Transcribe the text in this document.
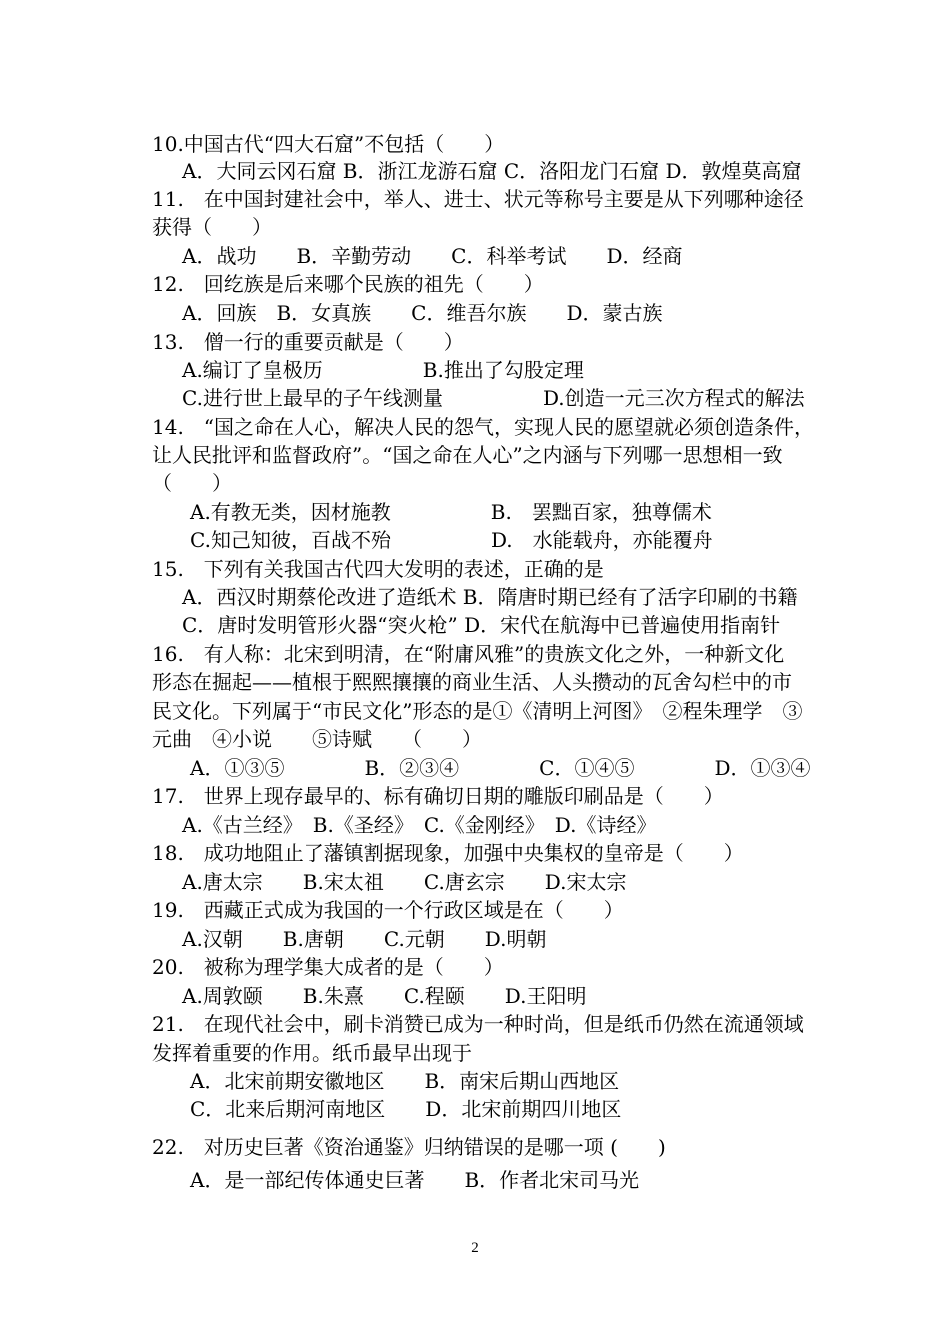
10.中国古代“四大石窟”不包括（　　）
A．大同云冈石窟 B．浙江龙游石窟 C．洛阳龙门石窟 D．敦煌莫高窟
11.　在中国封建社会中，举人、进士、状元等称号主要是从下列哪种途径
获得（　　）
A．战功　　B．辛勤劳动　　C．科举考试　　D．经商
12.　回纥族是后来哪个民族的祖先（　　）
A．回族　B．女真族　　C．维吾尔族　　D．蒙古族
13.　僧一行的重要贡献是（　　）
A.编订了皇极历　　　　　B.推出了勾股定理
C.进行世上最早的子午线测量　　　　　D.创造一元三次方程式的解法
14.　“国之命在人心，解决人民的怨气，实现人民的愿望就必须创造条件，
让人民批评和监督政府”。“国之命在人心”之内涵与下列哪一思想相一致
（　　）
A.有教无类，因材施教　　　　　B.　罢黜百家，独尊儒术
C.知己知彼，百战不殆　　　　　D.　水能载舟，亦能覆舟
15.　下列有关我国古代四大发明的表述，正确的是
A．西汉时期蔡伦改进了造纸术 B．隋唐时期已经有了活字印刷的书籍
C．唐时发明管形火器“突火枪” D．宋代在航海中已普遍使用指南针
16.　有人称：北宋到明清，在“附庸风雅”的贵族文化之外，一种新文化
形态在掘起——植根于熙熙攘攘的商业生活、人头攒动的瓦舍勾栏中的市
民文化。下列属于“市民文化”形态的是①《清明上河图》　②程朱理学　③
元曲　④小说　　⑤诗赋　　（　　）
A．①③⑤　　　　B．②③④　　　　C．①④⑤　　　　D．①③④
17.　世界上现存最早的、标有确切日期的雕版印刷品是（　　）
A.《古兰经》　B.《圣经》　C.《金刚经》　D.《诗经》
18.　成功地阻止了藩镇割据现象，加强中央集权的皇帝是（　　）
A.唐太宗　　B.宋太祖　　C.唐玄宗　　D.宋太宗
19.　西藏正式成为我国的一个行政区域是在（　　）
A.汉朝　　B.唐朝　　C.元朝　　D.明朝
20.　被称为理学集大成者的是（　　）
A.周敦颐　　B.朱熹　　C.程颐　　D.王阳明
21.　在现代社会中，刷卡消赞已成为一种时尚，但是纸币仍然在流通领域
发挥着重要的作用。纸币最早出现于
A．北宋前期安徽地区　　B．南宋后期山西地区
C．北来后期河南地区　　D．北宋前期四川地区
22.　对历史巨著《资治通鉴》归纳错误的是哪一项 (　　)
A．是一部纪传体通史巨著　　B．作者北宋司马光
2
